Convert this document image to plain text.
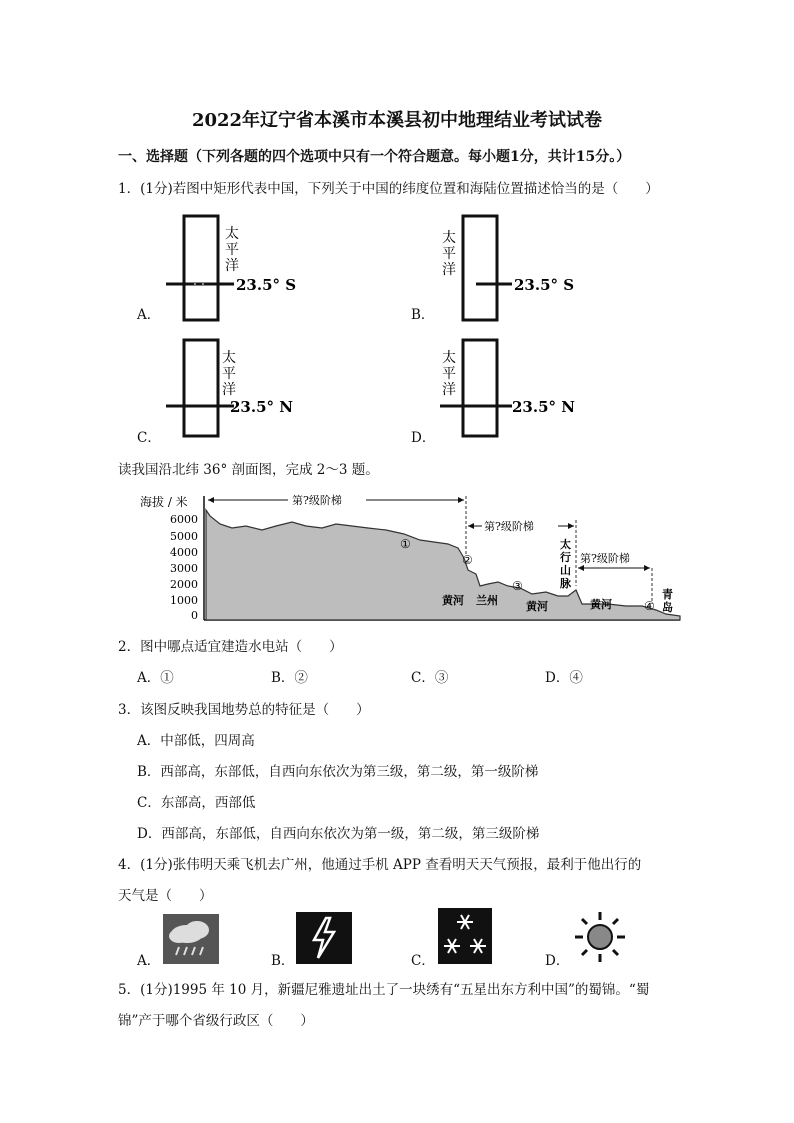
2022年辽宁省本溪市本溪县初中地理结业考试试卷
一、选择题（下列各题的四个选项中只有一个符合题意。每小题1分，共计15分。）
1．(1分)若图中矩形代表中国，下列关于中国的纬度位置和海陆位置描述恰当的是（　　）
A．
太
平
洋
23.5° S
B．
太
平
洋
23.5° S
C．
太
平
洋
23.5° N
D．
太
平
洋
23.5° N
读我国沿北纬 36° 剖面图，完成 2～3 题。
海拔 / 米
6000
5000
4000
3000
2000
1000
0
第?级阶梯
第?级阶梯
第?级阶梯
①
②
③
④
黄河 兰州	黄河
太
行
山
脉
黄河
青
岛
2．图中哪点适宜建造水电站（　　）
A．①	B．②	C．③	D．④
3．该图反映我国地势总的特征是（　　）
A．中部低，四周高
B．西部高，东部低，自西向东依次为第三级，第二级，第一级阶梯
C．东部高，西部低
D．西部高，东部低，自西向东依次为第一级，第二级，第三级阶梯
4．(1分)张伟明天乘飞机去广州，他通过手机 APP 查看明天天气预报，最利于他出行的
天气是（　　）
A．	B．	C．	D．
5．(1分)1995 年 10 月，新疆尼雅遗址出土了一块绣有“五星出东方利中国”的蜀锦。“蜀
锦”产于哪个省级行政区（　　）
